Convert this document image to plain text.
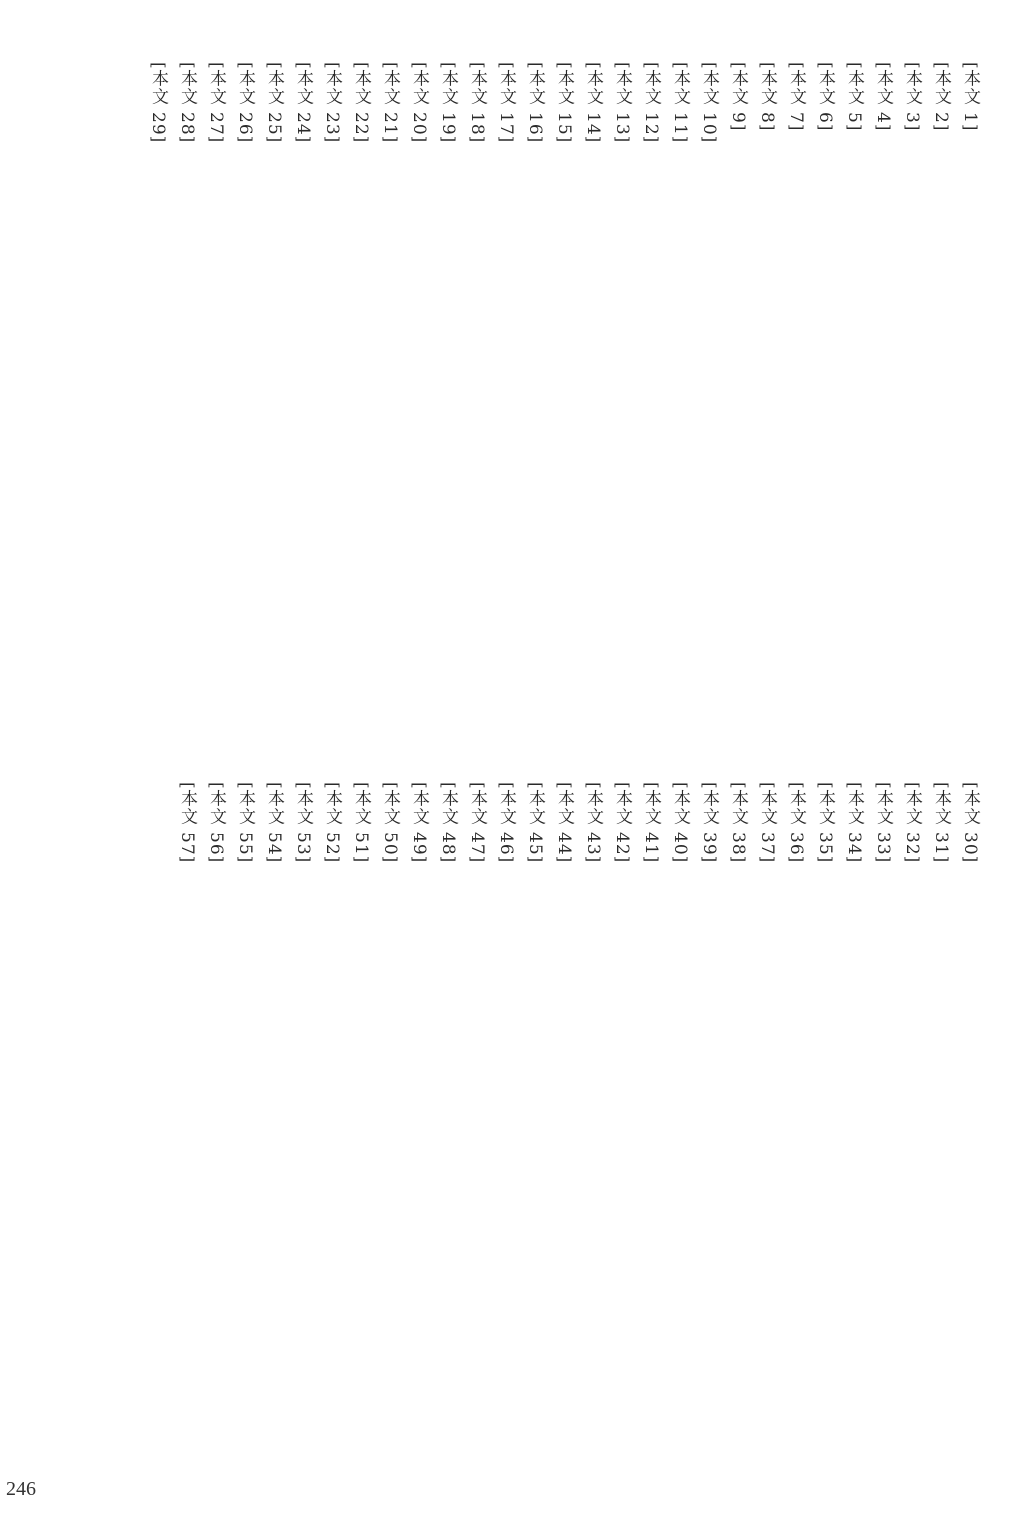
[本文 1]
[本文 2]
[本文 3]
[本文 4]
[本文 5]
[本文 6]
[本文 7]
[本文 8]
[本文 9]
[本文 10]
[本文 11]
[本文 12]
[本文 13]
[本文 14]
[本文 15]
[本文 16]
[本文 17]
[本文 18]
[本文 19]
[本文 20]
[本文 21]
[本文 22]
[本文 23]
[本文 24]
[本文 25]
[本文 26]
[本文 27]
[本文 28]
[本文 29]
[本文 30]
[本文 31]
[本文 32]
[本文 33]
[本文 34]
[本文 35]
[本文 36]
[本文 37]
[本文 38]
[本文 39]
[本文 40]
[本文 41]
[本文 42]
[本文 43]
[本文 44]
[本文 45]
[本文 46]
[本文 47]
[本文 48]
[本文 49]
[本文 50]
[本文 51]
[本文 52]
[本文 53]
[本文 54]
[本文 55]
[本文 56]
[本文 57]
246
